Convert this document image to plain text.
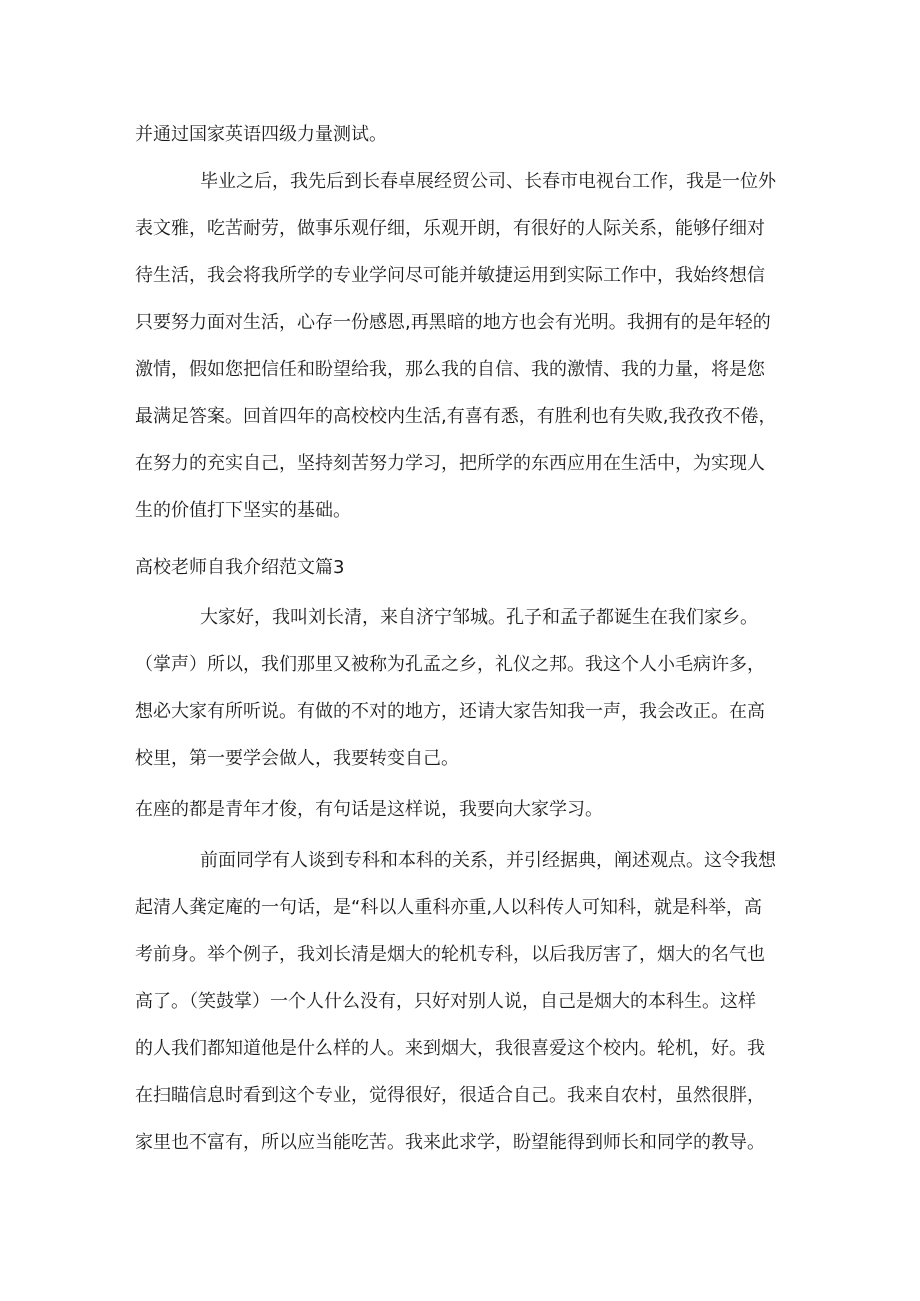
并通过国家英语四级力量测试。
毕业之后，我先后到长春卓展经贸公司、长春市电视台工作，我是一位外
表文雅，吃苦耐劳，做事乐观仔细，乐观开朗，有很好的人际关系，能够仔细对
待生活，我会将我所学的专业学问尽可能并敏捷运用到实际工作中，我始终想信
只要努力面对生活，心存一份感恩,再黑暗的地方也会有光明。我拥有的是年轻的
激情，假如您把信任和盼望给我，那么我的自信、我的激情、我的力量，将是您
最满足答案。回首四年的高校校内生活,有喜有悉，有胜利也有失败,我孜孜不倦，
在努力的充实自己，坚持刻苦努力学习，把所学的东西应用在生活中，为实现人
生的价值打下坚实的基础。
高校老师自我介绍范文篇3
大家好，我叫刘长清，来自济宁邹城。孔子和孟子都诞生在我们家乡。
（掌声）所以，我们那里又被称为孔孟之乡，礼仪之邦。我这个人小毛病许多，
想必大家有所听说。有做的不对的地方，还请大家告知我一声，我会改正。在高
校里，第一要学会做人，我要转变自己。
在座的都是青年才俊，有句话是这样说，我要向大家学习。
前面同学有人谈到专科和本科的关系，并引经据典，阐述观点。这令我想
起清人龚定庵的一句话，是“科以人重科亦重,人以科传人可知科，就是科举，高
考前身。举个例子，我刘长清是烟大的轮机专科，以后我厉害了，烟大的名气也
高了。（笑鼓掌）一个人什么没有，只好对别人说，自己是烟大的本科生。这样
的人我们都知道他是什么样的人。来到烟大，我很喜爱这个校内。轮机，好。我
在扫瞄信息时看到这个专业，觉得很好，很适合自己。我来自农村，虽然很胖，
家里也不富有，所以应当能吃苦。我来此求学，盼望能得到师长和同学的教导。
